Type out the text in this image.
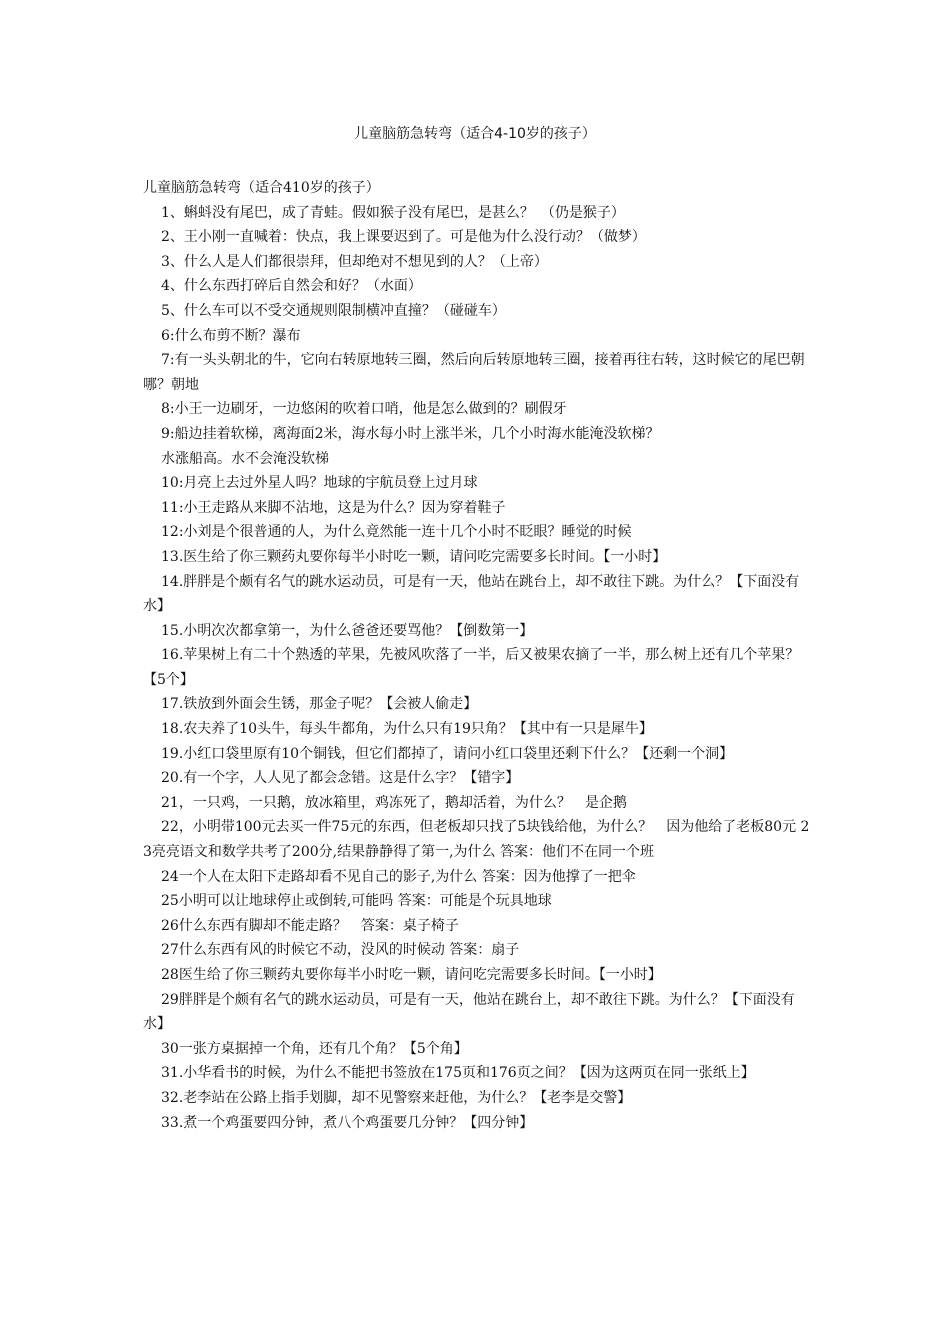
儿童脑筋急转弯（适合4-10岁的孩子）

儿童脑筋急转弯（适合410岁的孩子）

1、蝌蚪没有尾巴，成了青蛙。假如猴子没有尾巴，是甚么？　（仍是猴子）

2、王小刚一直喊着：快点，我上课要迟到了。可是他为什么没行动？（做梦）

3、什么人是人们都很崇拜，但却绝对不想见到的人？（上帝）

4、什么东西打碎后自然会和好？（水面）

5、什么车可以不受交通规则限制横冲直撞？（碰碰车）

6:什么布剪不断？瀑布

7:有一头头朝北的牛，它向右转原地转三圈，然后向后转原地转三圈，接着再往右转，这时候它的尾巴朝哪？朝地

8:小王一边刷牙，一边悠闲的吹着口哨，他是怎么做到的？刷假牙

9:船边挂着软梯，离海面2米，海水每小时上涨半米，几个小时海水能淹没软梯？

水涨船高。水不会淹没软梯

10:月亮上去过外星人吗？地球的宇航员登上过月球

11:小王走路从来脚不沾地，这是为什么？因为穿着鞋子

12:小刘是个很普通的人，为什么竟然能一连十几个小时不眨眼？睡觉的时候

13.医生给了你三颗药丸要你每半小时吃一颗，请问吃完需要多长时间。【一小时】

14.胖胖是个颇有名气的跳水运动员，可是有一天，他站在跳台上，却不敢往下跳。为什么？【下面没有水】

15.小明次次都拿第一，为什么爸爸还要骂他？【倒数第一】

16.苹果树上有二十个熟透的苹果，先被风吹落了一半，后又被果农摘了一半，那么树上还有几个苹果？【5个】

17.铁放到外面会生锈，那金子呢？【会被人偷走】

18.农夫养了10头牛，每头牛都角，为什么只有19只角？【其中有一只是犀牛】

19.小红口袋里原有10个铜钱，但它们都掉了，请问小红口袋里还剩下什么？【还剩一个洞】

20.有一个字，人人见了都会念错。这是什么字？【错字】

21，一只鸡，一只鹅，放冰箱里，鸡冻死了，鹅却活着，为什么？　是企鹅

22，小明带100元去买一件75元的东西，但老板却只找了5块钱给他，为什么？　因为他给了老板80元 23亮亮语文和数学共考了200分,结果静静得了第一,为什么 答案：他们不在同一个班

24一个人在太阳下走路却看不见自己的影子,为什么 答案：因为他撑了一把伞

25小明可以让地球停止或倒转,可能吗 答案：可能是个玩具地球

26什么东西有脚却不能走路？　答案：桌子椅子

27什么东西有风的时候它不动，没风的时候动 答案：扇子

28医生给了你三颗药丸要你每半小时吃一颗，请问吃完需要多长时间。【一小时】

29胖胖是个颇有名气的跳水运动员，可是有一天，他站在跳台上，却不敢往下跳。为什么？【下面没有水】

30一张方桌据掉一个角，还有几个角？【5个角】

31.小华看书的时候，为什么不能把书签放在175页和176页之间？【因为这两页在同一张纸上】

32.老李站在公路上指手划脚，却不见警察来赶他，为什么？【老李是交警】

33.煮一个鸡蛋要四分钟，煮八个鸡蛋要几分钟？【四分钟】
